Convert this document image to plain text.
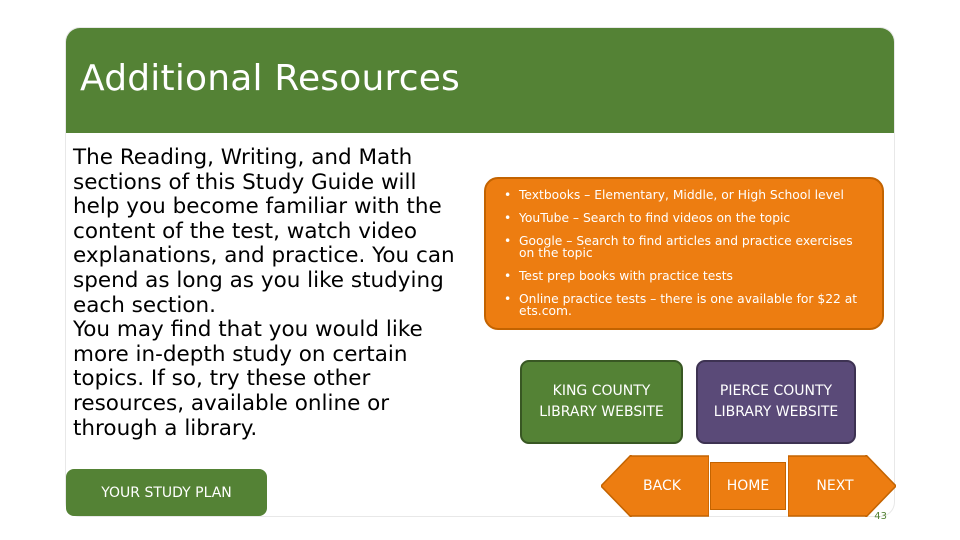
Additional Resources

The Reading, Writing, and Math sections of this Study Guide will help you become familiar with the content of the test, watch video explanations, and practice. You can spend as long as you like studying each section.

You may find that you would like more in-depth study on certain topics. If so, try these other resources, available online or through a library.

• Textbooks – Elementary, Middle, or High School level
• YouTube – Search to find videos on the topic
• Google – Search to find articles and practice exercises on the topic
• Test prep books with practice tests
• Online practice tests – there is one available for $22 at ets.com.
KING COUNTY LIBRARY WEBSITE
PIERCE COUNTY LIBRARY WEBSITE
YOUR STUDY PLAN	BACK	HOME	NEXT
43
